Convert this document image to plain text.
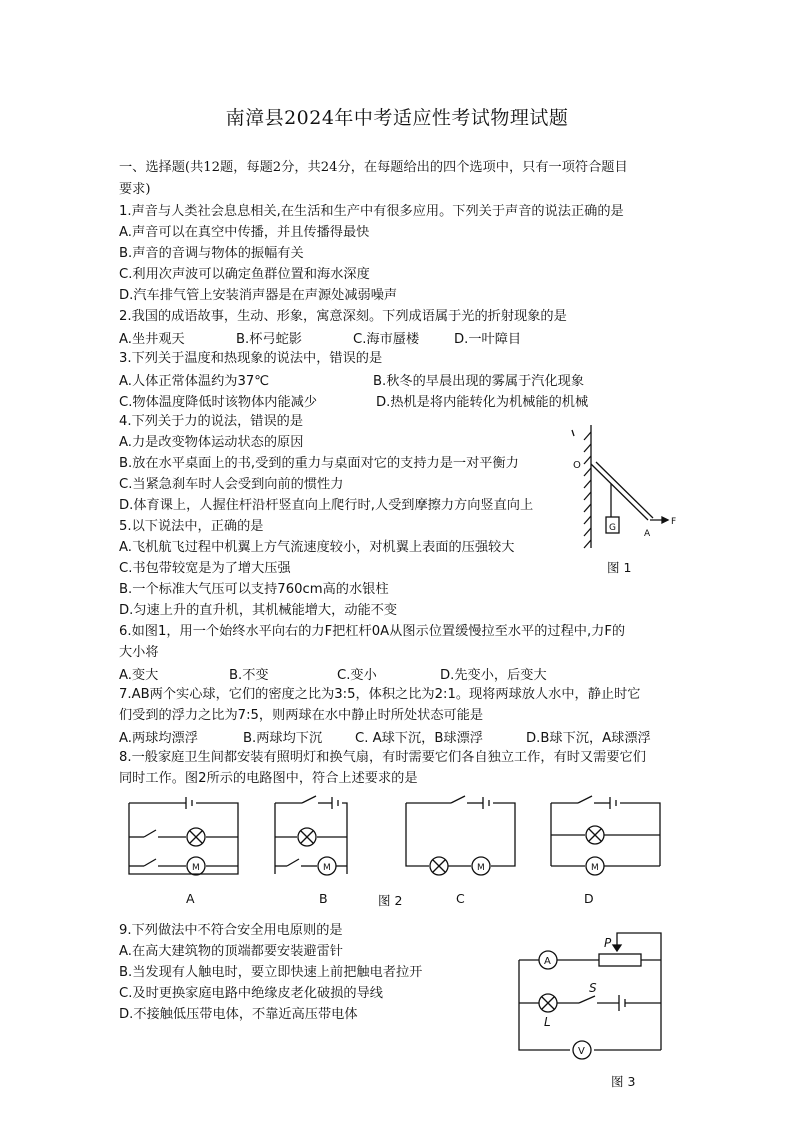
南漳县2024年中考适应性考试物理试题
一、选择题(共12题，每题2分，共24分，在每题给出的四个选项中，只有一项符合题目
要求)
1.声音与人类社会息息相关,在生活和生产中有很多应用。下列关于声音的说法正确的是
A.声音可以在真空中传播，并且传播得最快
B.声音的音调与物体的振幅有关
C.利用次声波可以确定鱼群位置和海水深度
D.汽车排气管上安装消声器是在声源处减弱噪声
2.我国的成语故事，生动、形象，寓意深刻。下列成语属于光的折射现象的是
A.坐井观天	B.杯弓蛇影	C.海市蜃楼	D.一叶障目
3.下列关于温度和热现象的说法中，错误的是
A.人体正常体温约为37℃	B.秋冬的早晨出现的雾属于汽化现象
C.物体温度降低时该物体内能减少	D.热机是将内能转化为机械能的机械
4.下列关于力的说法，错误的是
A.力是改变物体运动状态的原因
B.放在水平桌面上的书,受到的重力与桌面对它的支持力是一对平衡力
C.当紧急刹车时人会受到向前的惯性力
D.体育课上，人握住杆沿杆竖直向上爬行时,人受到摩擦力方向竖直向上
5.以下说法中，正确的是
A.飞机航飞过程中机翼上方气流速度较小，对机翼上表面的压强较大
C.书包带较宽是为了增大压强
B.一个标准大气压可以支持760cm高的水银柱
D.匀速上升的直升机，其机械能增大，动能不变
6.如图1，用一个始终水平向右的力F把杠杆0A从图示位置缓慢拉至水平的过程中,力F的
大小将
A.变大	B.不变	C.变小	D.先变小，后变大
7.AB两个实心球，它们的密度之比为3:5，体积之比为2:1。现将两球放人水中，静止时它
们受到的浮力之比为7:5，则两球在水中静止时所处状态可能是
A.两球均漂浮	B.两球均下沉 C. A球下沉，B球漂浮	D.B球下沉，A球漂浮
8.一般家庭卫生间都安装有照明灯和换气扇，有时需要它们各自独立工作，有时又需要它们
同时工作。图2所示的电路图中，符合上述要求的是
O
G
A
F
图 1
M
A
M
B	图 2
M
C
M
D
9.下列做法中不符合安全用电原则的是
A.在高大建筑物的顶端都要安装避雷针
B.当发现有人触电时，要立即快速上前把触电者拉开
C.及时更换家庭电路中绝缘皮老化破损的导线
D.不接触低压带电体，不靠近高压带电体
A
V
P
S
L
图 3
